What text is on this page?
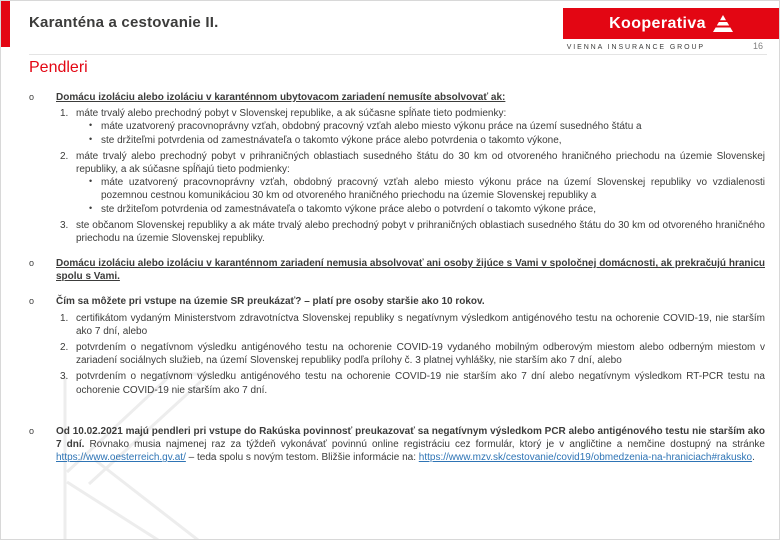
Karanténa a cestovanie II.	Kooperativa
VIENNA INSURANCE GROUP	16
Pendleri
o	Domácu izoláciu alebo izoláciu v karanténnom ubytovacom zariadení nemusíte absolvovať ak:

1. máte trvalý alebo prechodný pobyt v Slovenskej republike, a ak súčasne spĺňate tieto podmienky:

• máte uzatvorený pracovnoprávny vzťah, obdobný pracovný vzťah alebo miesto výkonu práce na území susedného štátu a

• ste držiteľmi potvrdenia od zamestnávateľa o takomto výkone práce alebo potvrdenia o takomto výkone,

2. máte trvalý alebo prechodný pobyt v prihraničných oblastiach susedného štátu do 30 km od otvoreného hraničného priechodu na územie Slovenskej republiky, a ak súčasne spĺňajú tieto podmienky:

• máte uzatvorený pracovnoprávny vzťah, obdobný pracovný vzťah alebo miesto výkonu práce na území Slovenskej republiky vo vzdialenosti pozemnou cestnou komunikáciou 30 km od otvoreného hraničného priechodu na územie Slovenskej republiky a

• ste držiteľom potvrdenia od zamestnávateľa o takomto výkone práce alebo o potvrdení o takomto výkone práce,

3. ste občanom Slovenskej republiky a ak máte trvalý alebo prechodný pobyt v prihraničných oblastiach susedného štátu do 30 km od otvoreného hraničného priechodu na územie Slovenskej republiky.

o	Domácu izoláciu alebo izoláciu v karanténnom zariadení nemusia absolvovať ani osoby žijúce s Vami v spoločnej domácnosti, ak prekračujú hranicu spolu s Vami.

o	Čím sa môžete pri vstupe na územie SR preukázať? – platí pre osoby staršie ako 10 rokov.

1. certifikátom vydaným Ministerstvom zdravotníctva Slovenskej republiky s negatívnym výsledkom antigénového testu na ochorenie COVID-19, nie starším ako 7 dní, alebo

2. potvrdením o negatívnom výsledku antigénového testu na ochorenie COVID-19 vydaného mobilným odberovým miestom alebo odberným miestom v zariadení sociálnych služieb, na území Slovenskej republiky podľa prílohy č. 3 platnej vyhlášky, nie starším ako 7 dní, alebo

3. potvrdením o negatívnom výsledku antigénového testu na ochorenie COVID-19 nie starším ako 7 dní alebo negatívnym výsledkom RT-PCR testu na ochorenie COVID-19 nie starším ako 7 dní.

o	Od 10.02.2021 majú pendleri pri vstupe do Rakúska povinnosť preukazovať sa negatívnym výsledkom PCR alebo antigénového testu nie starším ako 7 dní. Rovnako musia najmenej raz za týždeň vykonávať povinnú online registráciu cez formulár, ktorý je v angličtine a nemčine dostupný na stránke https://www.oesterreich.gv.at/ – teda spolu s novým testom. Bližšie informácie na: https://www.mzv.sk/cestovanie/covid19/obmedzenia-na-hraniciach#rakusko.
